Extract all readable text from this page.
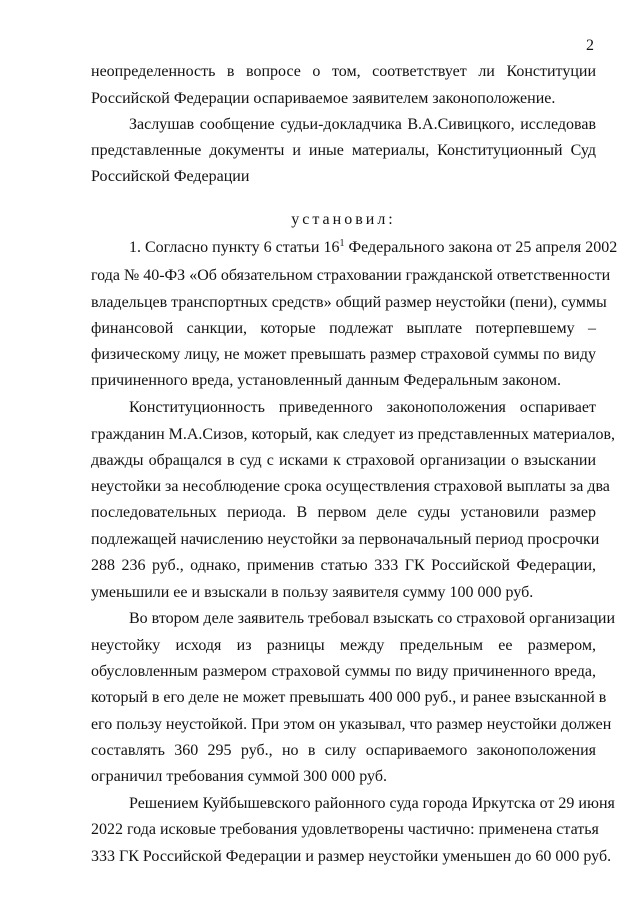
2
неопределенность в вопросе о том, соответствует ли Конституции
Российской Федерации оспариваемое заявителем законоположение.
Заслушав сообщение судьи-докладчика В.А.Сивицкого, исследовав
представленные документы и иные материалы, Конституционный Суд
Российской Федерации
установил:
1. Согласно пункту 6 статьи $16^1$ Федерального закона от 25 апреля 2002
года № 40-ФЗ «Об обязательном страховании гражданской ответственности
владельцев транспортных средств» общий размер неустойки (пени), суммы
финансовой санкции, которые подлежат выплате потерпевшему –
физическому лицу, не может превышать размер страховой суммы по виду
причиненного вреда, установленный данным Федеральным законом.
Конституционность приведенного законоположения оспаривает
гражданин М.А.Сизов, который, как следует из представленных материалов,
дважды обращался в суд с исками к страховой организации о взыскании
неустойки за несоблюдение срока осуществления страховой выплаты за два
последовательных периода. В первом деле суды установили размер
подлежащей начислению неустойки за первоначальный период просрочки
288 236 руб., однако, применив статью 333 ГК Российской Федерации,
уменьшили ее и взыскали в пользу заявителя сумму 100 000 руб.
Во втором деле заявитель требовал взыскать со страховой организации
неустойку исходя из разницы между предельным ее размером,
обусловленным размером страховой суммы по виду причиненного вреда,
который в его деле не может превышать 400 000 руб., и ранее взысканной в
его пользу неустойкой. При этом он указывал, что размер неустойки должен
составлять 360 295 руб., но в силу оспариваемого законоположения
ограничил требования суммой 300 000 руб.
Решением Куйбышевского районного суда города Иркутска от 29 июня
2022 года исковые требования удовлетворены частично: применена статья
333 ГК Российской Федерации и размер неустойки уменьшен до 60 000 руб.
